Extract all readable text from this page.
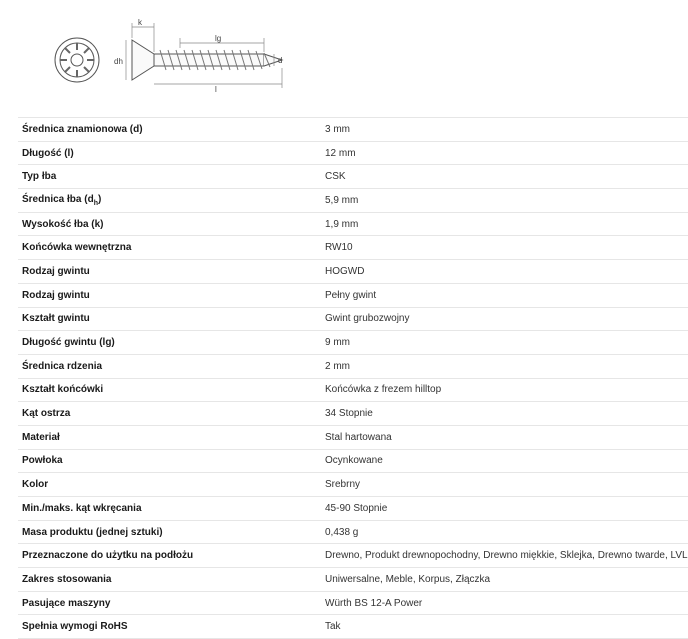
k
lg
dh	d
l
Średnica znamionowa (d)	3 mm
Długość (l)	12 mm
Typ łba	CSK
Średnica łba $(d_h)$	5,9 mm
Wysokość łba (k)	1,9 mm
Końcówka wewnętrzna	RW10
Rodzaj gwintu	HOGWD
Rodzaj gwintu	Pełny gwint
Kształt gwintu	Gwint grubozwojny
Długość gwintu (lg)	9 mm
Średnica rdzenia	2 mm
Kształt końcówki	Końcówka z frezem hilltop
Kąt ostrza	34 Stopnie
Materiał	Stal hartowana
Powłoka	Ocynkowane
Kolor	Srebrny
Min./maks. kąt wkręcania	45-90 Stopnie
Masa produktu (jednej sztuki)	0,438 g
Przeznaczone do użytku na podłożu	Drewno, Produkt drewnopochodny, Drewno miękkie, Sklejka, Drewno twarde, LVL
Zakres stosowania	Uniwersalne, Meble, Korpus, Złączka
Pasujące maszyny	Würth BS 12-A Power
Spełnia wymogi RoHS	Tak
